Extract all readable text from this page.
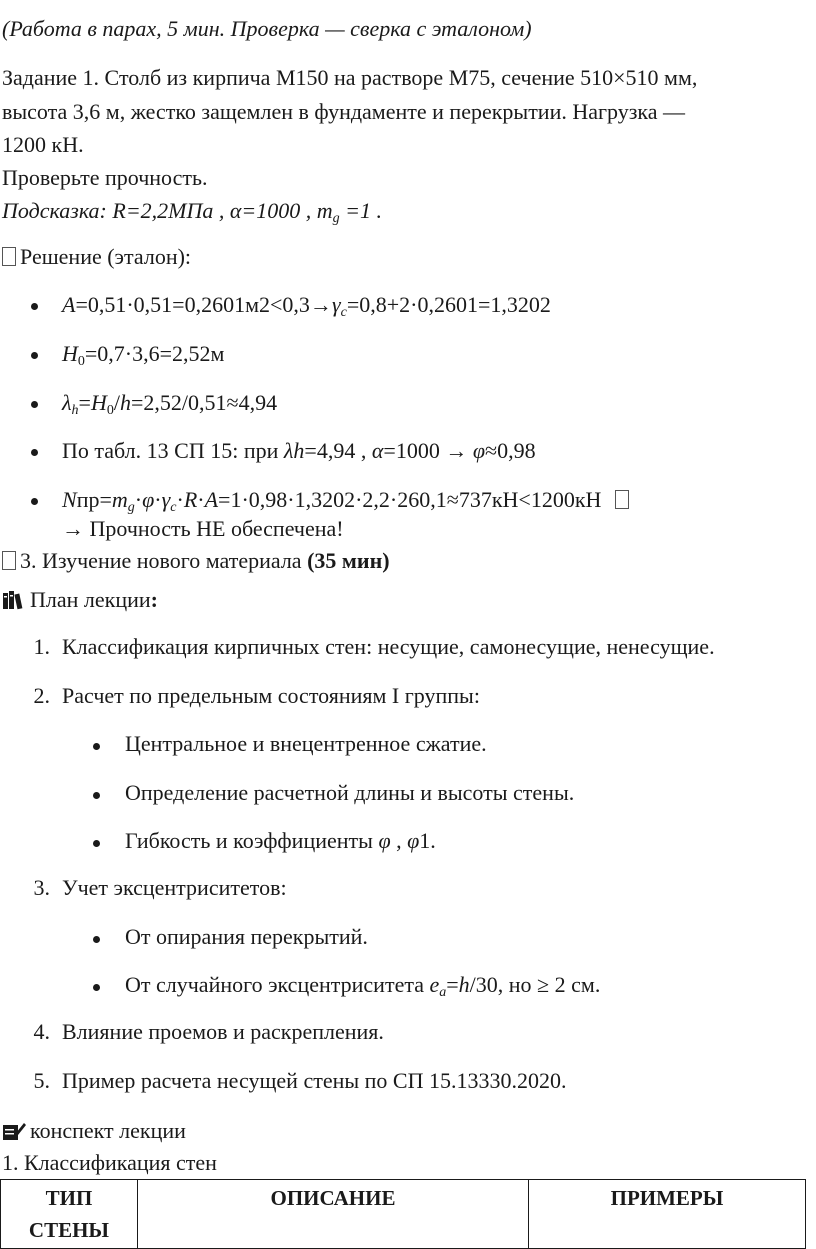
(Работа в парах, 5 мин. Проверка — сверка с эталоном)
Задание 1. Столб из кирпича М150 на растворе М75, сечение 510×510 мм,
высота 3,6 м, жестко защемлен в фундаменте и перекрытии. Нагрузка —
1200 кН.
Проверьте прочность.
Подсказка: R=2,2МПа , α=1000 , $m_g =1$ .
Решение (эталон):
$A=0,51\cdot 0,51=0,2601м2<0,3\to\gamma_c=0,8+2\cdot 0,2601=1,3202$
$H_0=0,7\cdot 3,6=2,52м$
$\lambda_h=H_0/h=2,52/0,51\approx 4,94$
По табл. 13 СП 15: при λh=4,94 , α=1000 → φ≈0,98
$Nпр=m_g\cdot\varphi\cdot\gamma_c\cdot R\cdot A=1\cdot 0,98\cdot 1,3202\cdot 2,2\cdot 260,1\approx 737кН<1200кН$
→ Прочность НЕ обеспечена!
3. Изучение нового материала (35 мин)
План лекции:
1. Классификация кирпичных стен: несущие, самонесущие, ненесущие.
2. Расчет по предельным состояниям I группы:
Центральное и внецентренное сжатие.
Определение расчетной длины и высоты стены.
Гибкость и коэффициенты φ , φ1.
3. Учет эксцентриситетов:
От опирания перекрытий.
От случайного эксцентриситета $e_a=h/30$, но ≥ 2 см.
4. Влияние проемов и раскрепления.
5. Пример расчета несущей стены по СП 15.13330.2020.
конспект лекции
1. Классификация стен
ТИП СТЕНЫ	ОПИСАНИЕ	ПРИМЕРЫ
